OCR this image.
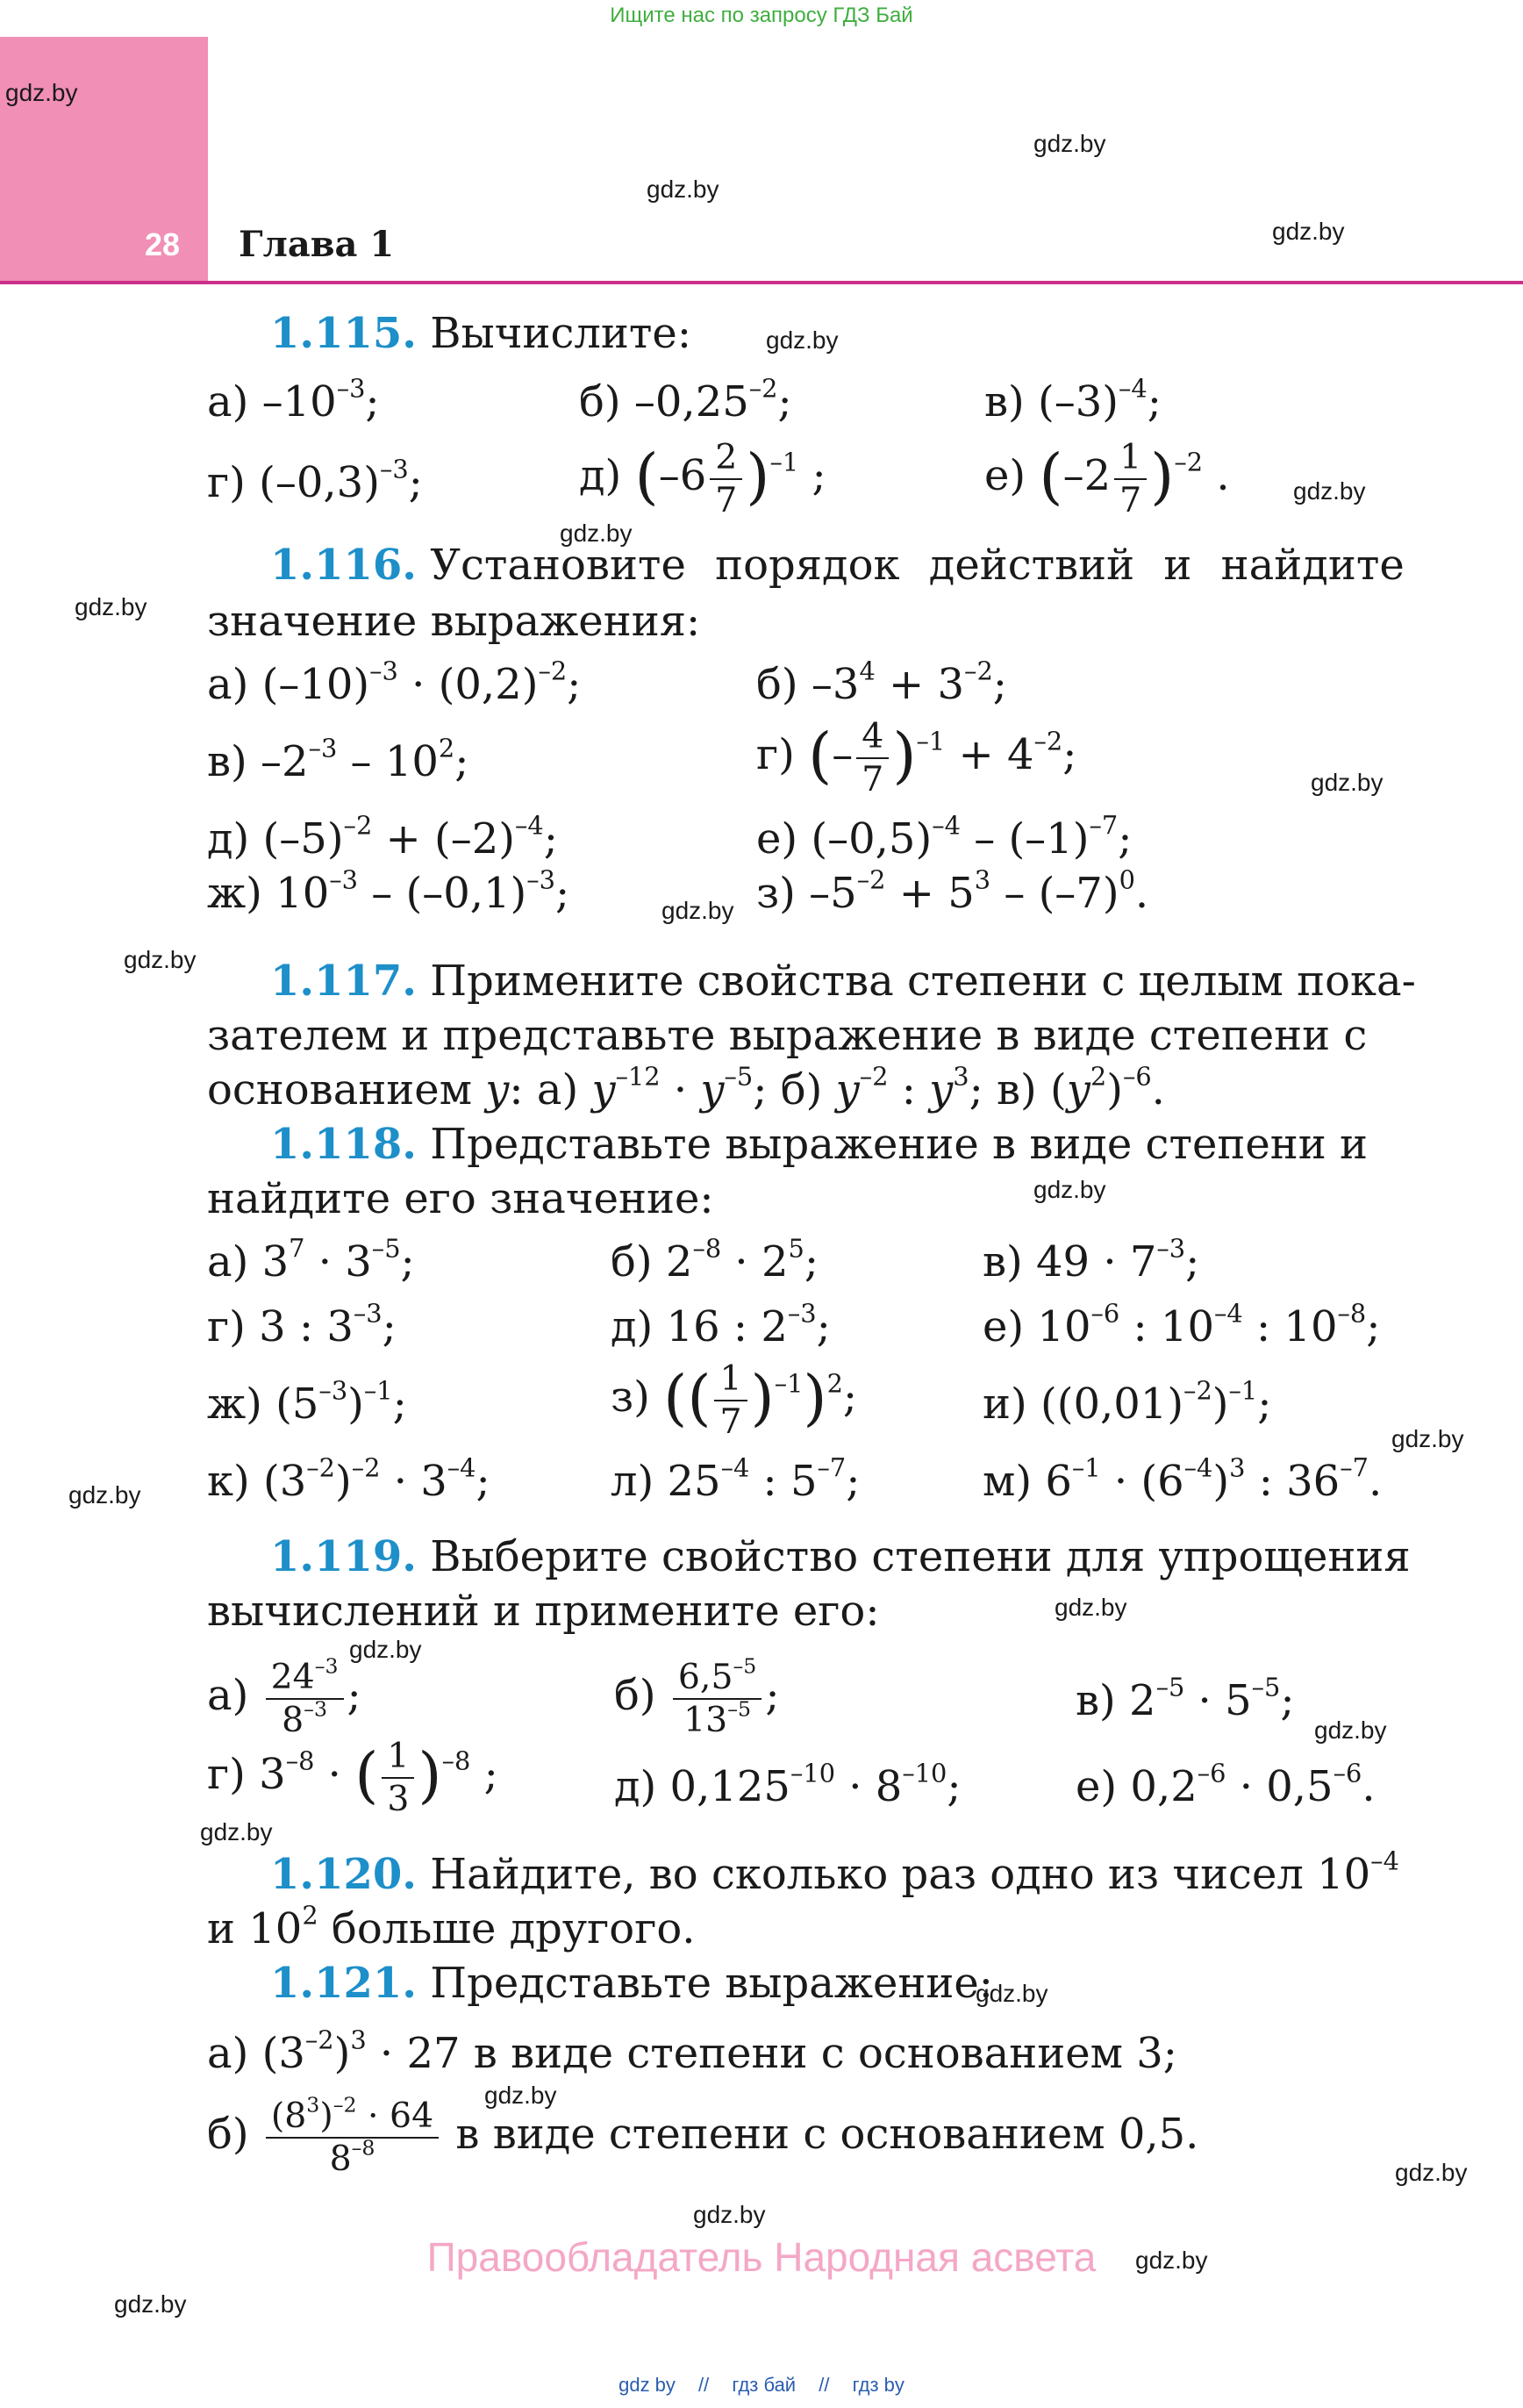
Ищите нас по запросу ГДЗ Бай
28 Глава 1
gdz.by
gdz.by
gdz.by
gdz.by
gdz.by
gdz.by
gdz.by
gdz.by
gdz.by
gdz.by
gdz.by
gdz.by
gdz.by
gdz.by
gdz.by
gdz.by
gdz.by
gdz.by
gdz.by
gdz.by
gdz.by
gdz.by
gdz.by
gdz.by
1.115. Вычислите:
а) $-10^{-3}$;	б) $-0,25^{-2}$;	в) $(-3)^{-4}$;
г) $(-0,3)^{-3}$;	д) $(-6 \frac{2}{7} )^{-1}$ ;	е) $(-2 \frac{1}{7} )^{-2}$ .
1.116. Установите порядок действий и найдите
значение выражения:
а) $(-10)^{-3} \cdot (0,2)^{-2}$;	б) $-3^4 + 3^{-2}$;
в) $-2^{-3} - 10^2$;	г) (– $\frac{4}{7} )^{-1} + 4^{-2}$;
д) $(-5)^{-2} + (-2)^{-4}$;	е) $(-0,5)^{-4} - (-1)^{-7}$;
ж) $10^{-3} - (-0,1)^{-3}$;	з) $-5^{-2} + 5^3 - (-7)^0$.
1.117. Примените свойства степени с целым пока-
зателем и представьте выражение в виде степени с
основанием y: а) $y^{-12} \cdot y^{-5}$; б) $y^{-2}$ : $y^3$; в) $(y^2)^{-6}$.
1.118. Представьте выражение в виде степени и
найдите его значение:
а) $3^7 \cdot 3^{-5}$;	б) $2^{-8} \cdot 2^5$;	в) $49 \cdot 7^{-3}$;
г) 3 : $3^{-3}$;	д) 16 : $2^{-3}$;	е) $10^{-6}$ : $10^{-4}$ : $10^{-8}$;
ж) $(5^{-3})^{-1}$;	з) (( $\frac{1}{7} )^{-1})^2$;	и) $((0,01)^{-2})^{-1}$;
к) $(3^{-2})^{-2} \cdot 3^{-4}$;	л) $25^{-4}$ : $5^{-7}$;	м) $6^{-1} \cdot (6^{-4})^3$ : $36^{-7}$.
1.119. Выберите свойство степени для упрощения
вычислений и примените его:
$а) \frac{24^{-3}}{8^{-3}}$ ;	$б) \frac{6,5^{-5}}{13^{-5}}$ ;	в) $2^{-5} \cdot 5^{-5}$;
г) $3^{-8}$ · ( $\frac{1}{3} )^{-8}$ ;	д) $0,125^{-10} \cdot 8^{-10}$;	е) $0,2^{-6} \cdot 0,5^{-6}$.
1.120. Найдите, во сколько раз одно из чисел $10^{-4}$
и $10^2$ больше другого.
1.121. Представьте выражение:
а) $(3^{-2})^3 \cdot 27$ в виде степени с основанием 3;
$б) \frac{(8^3)^{-2} \cdot 64}{8^{-8}}$ в виде степени с основанием 0,5.
Правообладатель Народная асвета
gdz by // гдз бай // гдз by
